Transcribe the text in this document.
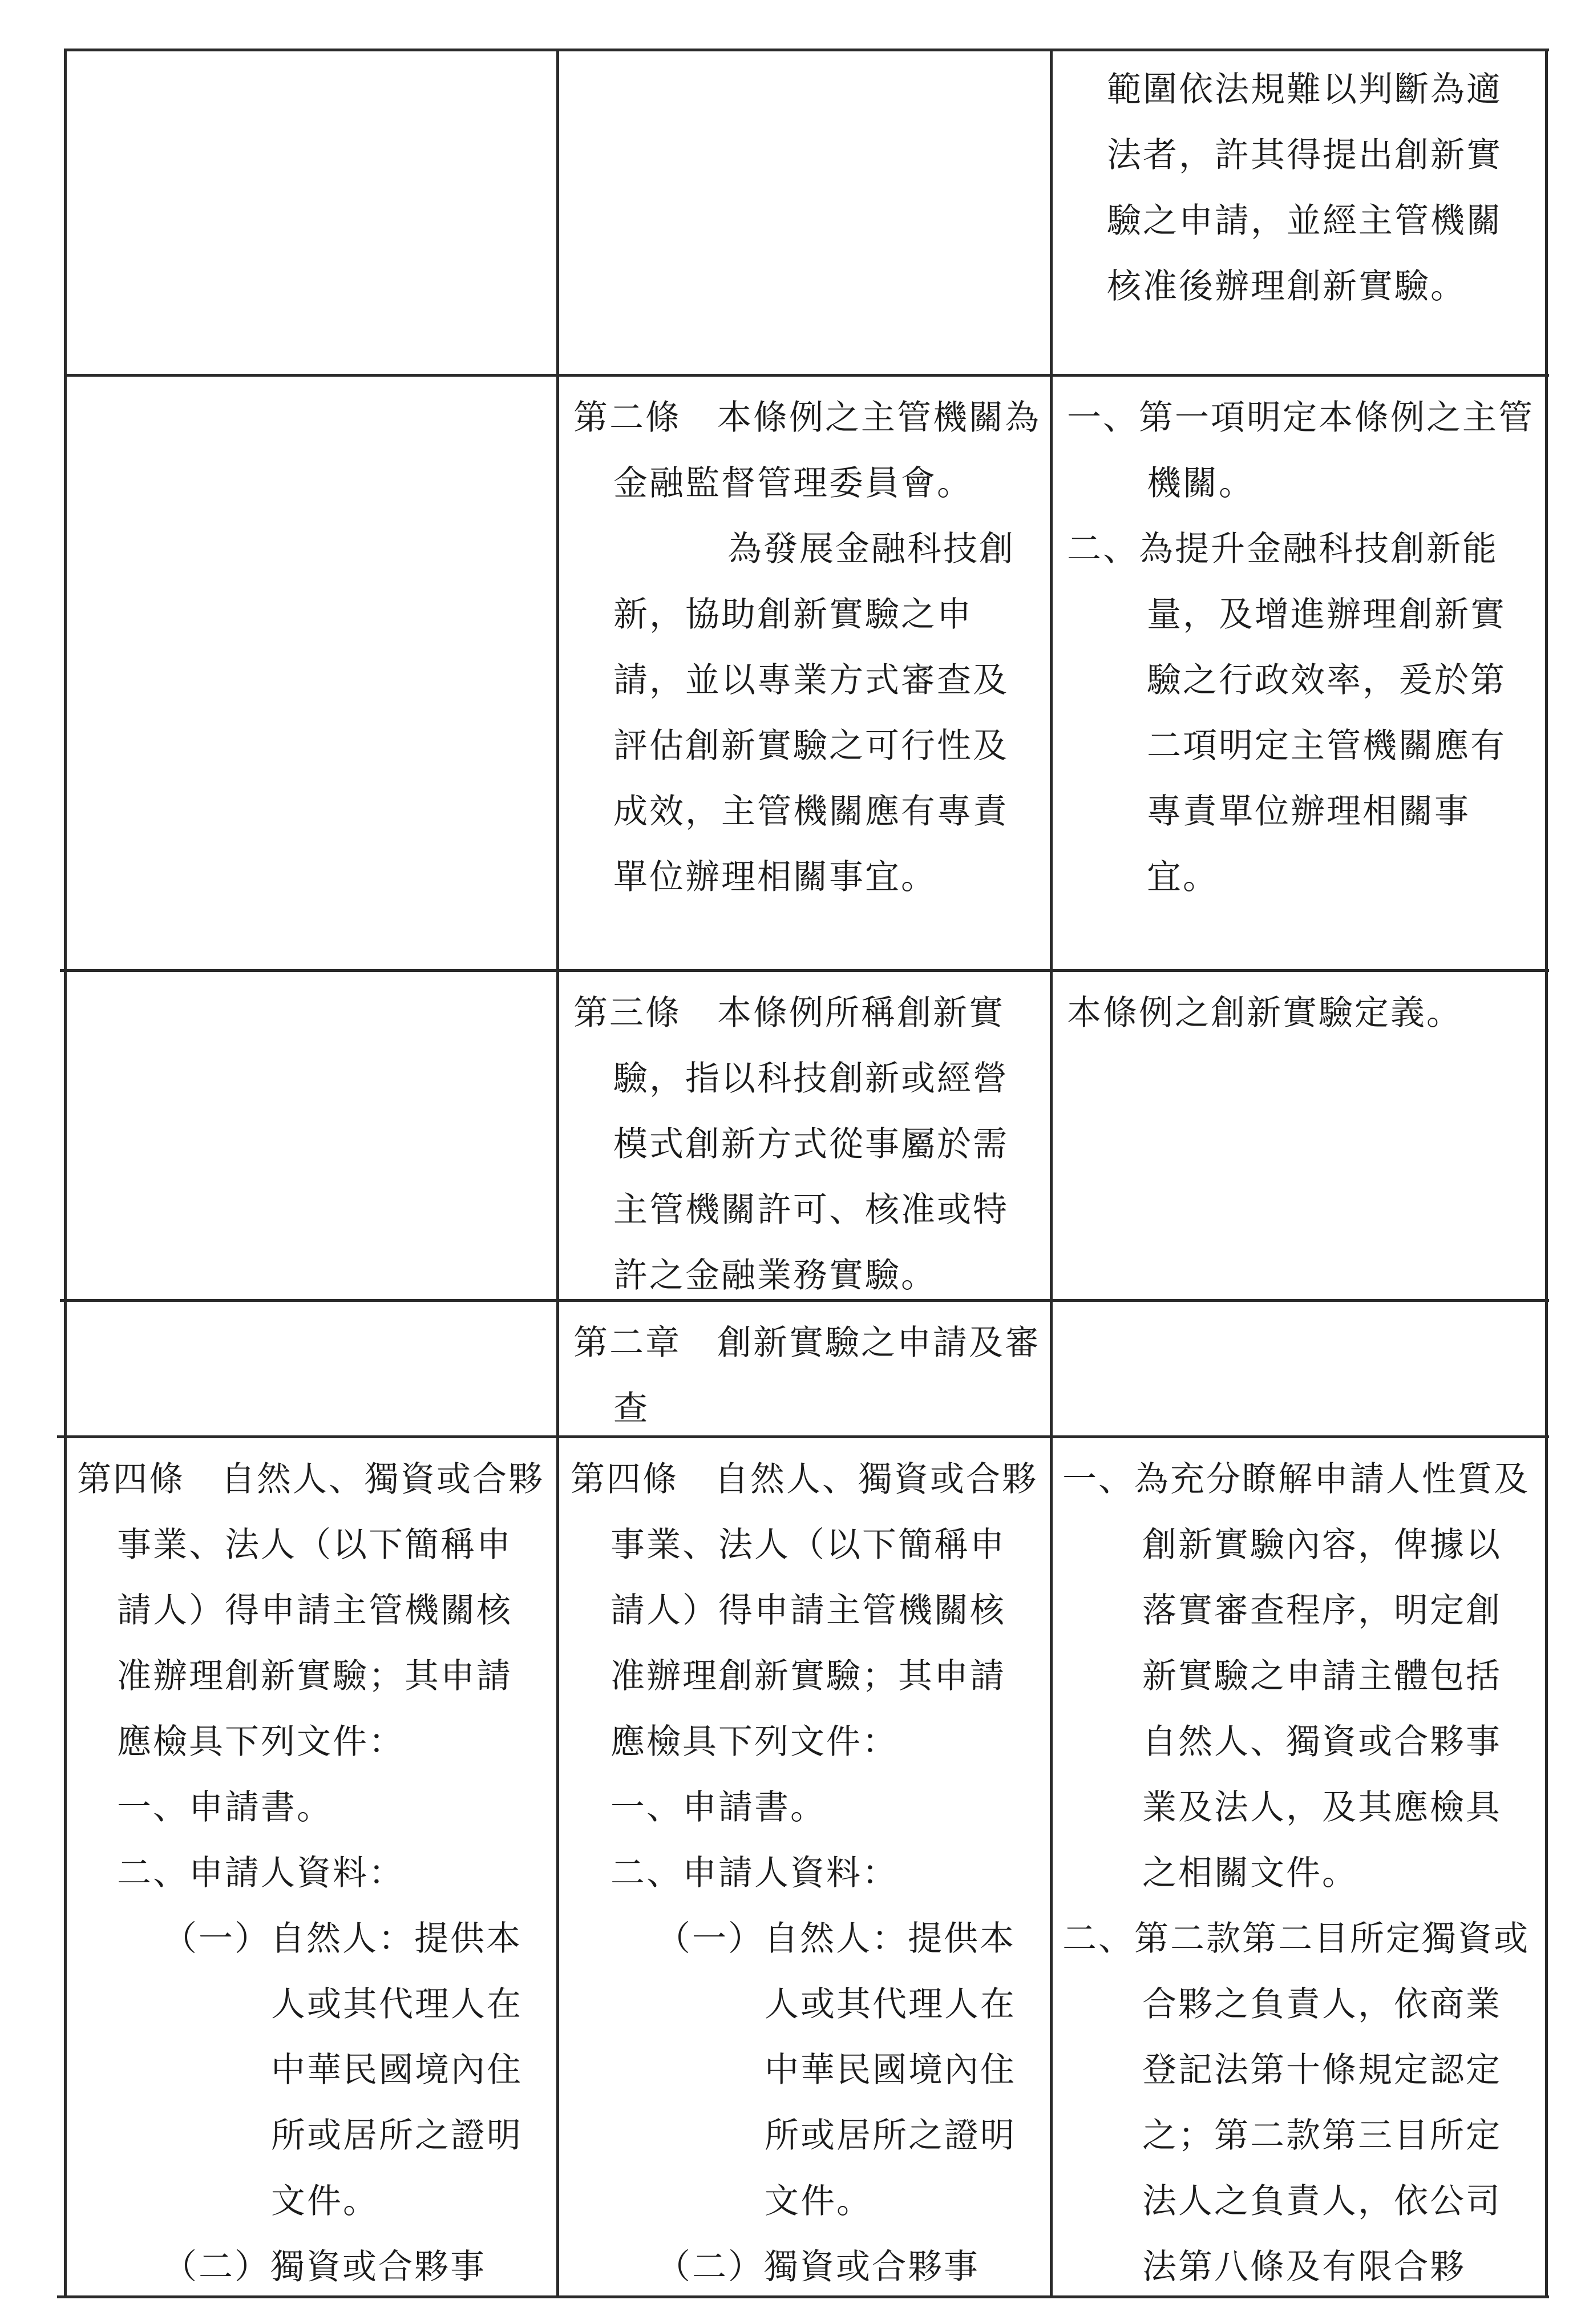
範圍依法規難以判斷為適法者，許其得提出創新實驗之申請，並經主管機關核准後辦理創新實驗。

第二條　本條例之主管機關為金融監督管理委員會。

為發展金融科技創新，協助創新實驗之申請，並以專業方式審查及評估創新實驗之可行性及成效，主管機關應有專責單位辦理相關事宜。

一、第一項明定本條例之主管機關。

二、為提升金融科技創新能量，及增進辦理創新實驗之行政效率，爰於第二項明定主管機關應有專責單位辦理相關事宜。

第三條　本條例所稱創新實驗，指以科技創新或經營模式創新方式從事屬於需主管機關許可、核准或特許之金融業務實驗。

本條例之創新實驗定義。

第二章　創新實驗之申請及審查

第四條　自然人、獨資或合夥事業、法人（以下簡稱申請人）得申請主管機關核准辦理創新實驗；其申請應檢具下列文件：

一、申請書。

二、申請人資料：

（一）自然人：提供本人或其代理人在中華民國境內住所或居所之證明文件。

（二）獨資或合夥事

第四條　自然人、獨資或合夥事業、法人（以下簡稱申請人）得申請主管機關核准辦理創新實驗；其申請應檢具下列文件：

一、申請書。

二、申請人資料：

（一）自然人：提供本人或其代理人在中華民國境內住所或居所之證明文件。

（二）獨資或合夥事

一、為充分瞭解申請人性質及創新實驗內容，俾據以落實審查程序，明定創新實驗之申請主體包括自然人、獨資或合夥事業及法人，及其應檢具之相關文件。

二、第二款第二目所定獨資或合夥之負責人，依商業登記法第十條規定認定之；第二款第三目所定法人之負責人，依公司法第八條及有限合夥
